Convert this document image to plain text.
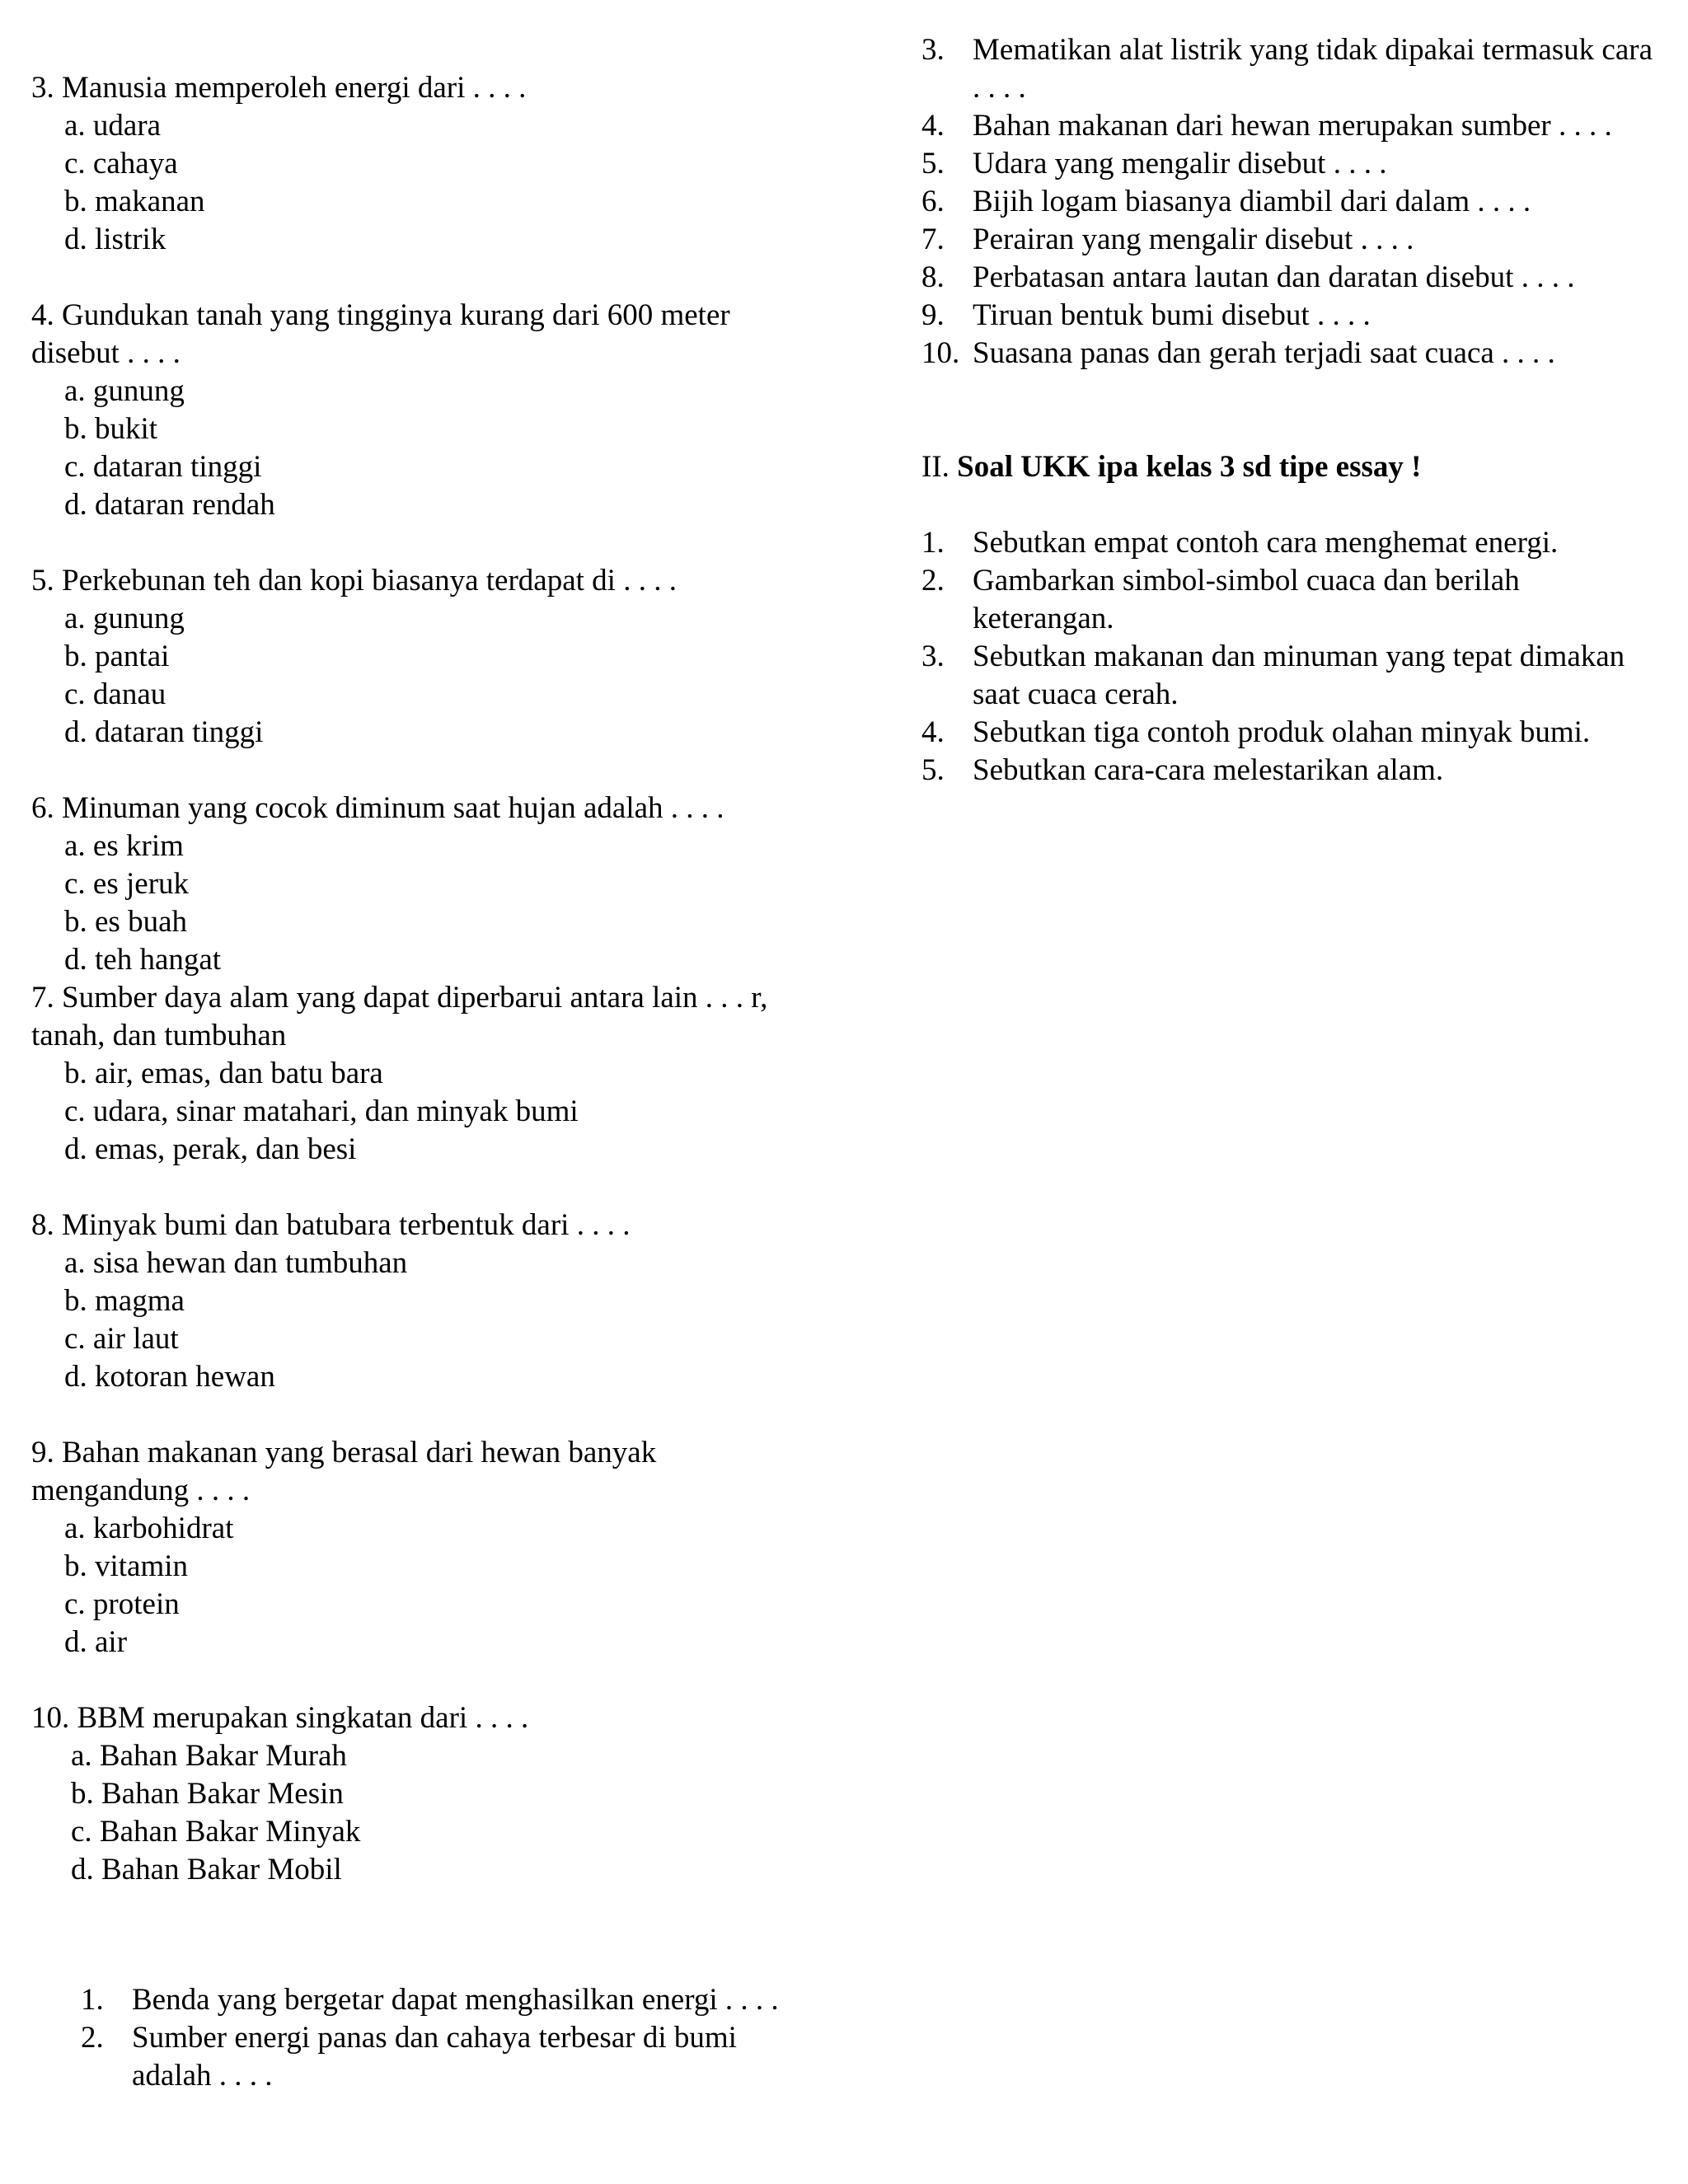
3. Manusia memperoleh energi dari . . . .

a. udara
c. cahaya
b. makanan
d. listrik

4. Gundukan tanah yang tingginya kurang dari 600 meter disebut . . . .

a. gunung
b. bukit
c. dataran tinggi
d. dataran rendah

5. Perkebunan teh dan kopi biasanya terdapat di . . . .

a. gunung
b. pantai
c. danau
d. dataran tinggi

6. Minuman yang cocok diminum saat hujan adalah . . . .

a. es krim
c. es jeruk
b. es buah
d. teh hangat

7. Sumber daya alam yang dapat diperbarui antara lain . . . r, tanah, dan tumbuhan

b. air, emas, dan batu bara
c. udara, sinar matahari, dan minyak bumi
d. emas, perak, dan besi

8. Minyak bumi dan batubara terbentuk dari . . . .

a. sisa hewan dan tumbuhan
b. magma
c. air laut
d. kotoran hewan

9. Bahan makanan yang berasal dari hewan banyak mengandung . . . .

a. karbohidrat
b. vitamin
c. protein
d. air

10. BBM merupakan singkatan dari . . . .

a. Bahan Bakar Murah
b. Bahan Bakar Mesin
c. Bahan Bakar Minyak
d. Bahan Bakar Mobil
1. Benda yang bergetar dapat menghasilkan energi . . . .
2. Sumber energi panas dan cahaya terbesar di bumi adalah . . . .
3. Mematikan alat listrik yang tidak dipakai termasuk cara . . . .
4. Bahan makanan dari hewan merupakan sumber . . . .
5. Udara yang mengalir disebut . . . .
6. Bijih logam biasanya diambil dari dalam . . . .
7. Perairan yang mengalir disebut . . . .
8. Perbatasan antara lautan dan daratan disebut . . . .
9. Tiruan bentuk bumi disebut . . . .
10. Suasana panas dan gerah terjadi saat cuaca . . . .

II. Soal UKK ipa kelas 3 sd tipe essay !

1. Sebutkan empat contoh cara menghemat energi.
2. Gambarkan simbol-simbol cuaca dan berilah keterangan.
3. Sebutkan makanan dan minuman yang tepat dimakan saat cuaca cerah.
4. Sebutkan tiga contoh produk olahan minyak bumi.
5. Sebutkan cara-cara melestarikan alam.
